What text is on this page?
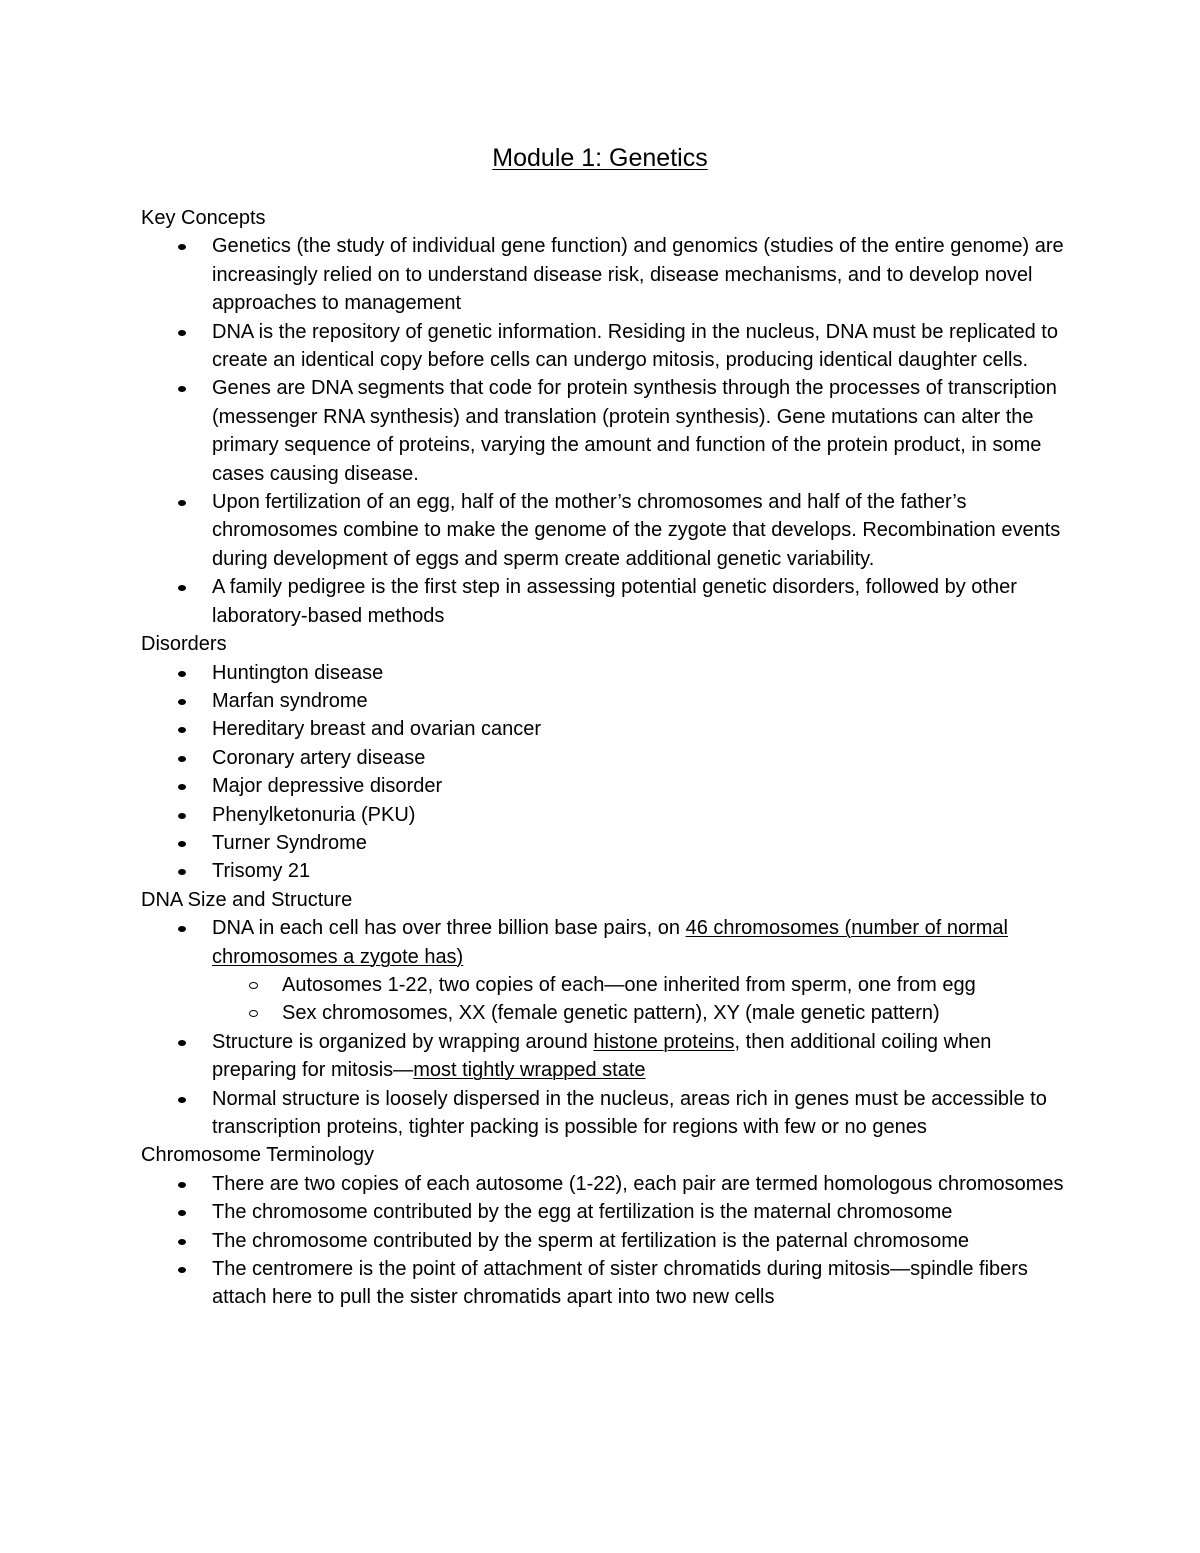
Module 1: Genetics
Key Concepts
Genetics (the study of individual gene function) and genomics (studies of the entire genome) are increasingly relied on to understand disease risk, disease mechanisms, and to develop novel approaches to management
DNA is the repository of genetic information. Residing in the nucleus, DNA must be replicated to create an identical copy before cells can undergo mitosis, producing identical daughter cells.
Genes are DNA segments that code for protein synthesis through the processes of transcription (messenger RNA synthesis) and translation (protein synthesis). Gene mutations can alter the primary sequence of proteins, varying the amount and function of the protein product, in some cases causing disease.
Upon fertilization of an egg, half of the mother’s chromosomes and half of the father’s chromosomes combine to make the genome of the zygote that develops. Recombination events during development of eggs and sperm create additional genetic variability.
A family pedigree is the first step in assessing potential genetic disorders, followed by other laboratory-based methods
Disorders
Huntington disease
Marfan syndrome
Hereditary breast and ovarian cancer
Coronary artery disease
Major depressive disorder
Phenylketonuria (PKU)
Turner Syndrome
Trisomy 21
DNA Size and Structure
DNA in each cell has over three billion base pairs, on 46 chromosomes (number of normal chromosomes a zygote has)
Autosomes 1-22, two copies of each—one inherited from sperm, one from egg
Sex chromosomes, XX (female genetic pattern), XY (male genetic pattern)
Structure is organized by wrapping around histone proteins, then additional coiling when preparing for mitosis—most tightly wrapped state
Normal structure is loosely dispersed in the nucleus, areas rich in genes must be accessible to transcription proteins, tighter packing is possible for regions with few or no genes
Chromosome Terminology
There are two copies of each autosome (1-22), each pair are termed homologous chromosomes
The chromosome contributed by the egg at fertilization is the maternal chromosome
The chromosome contributed by the sperm at fertilization is the paternal chromosome
The centromere is the point of attachment of sister chromatids during mitosis—spindle fibers attach here to pull the sister chromatids apart into two new cells
